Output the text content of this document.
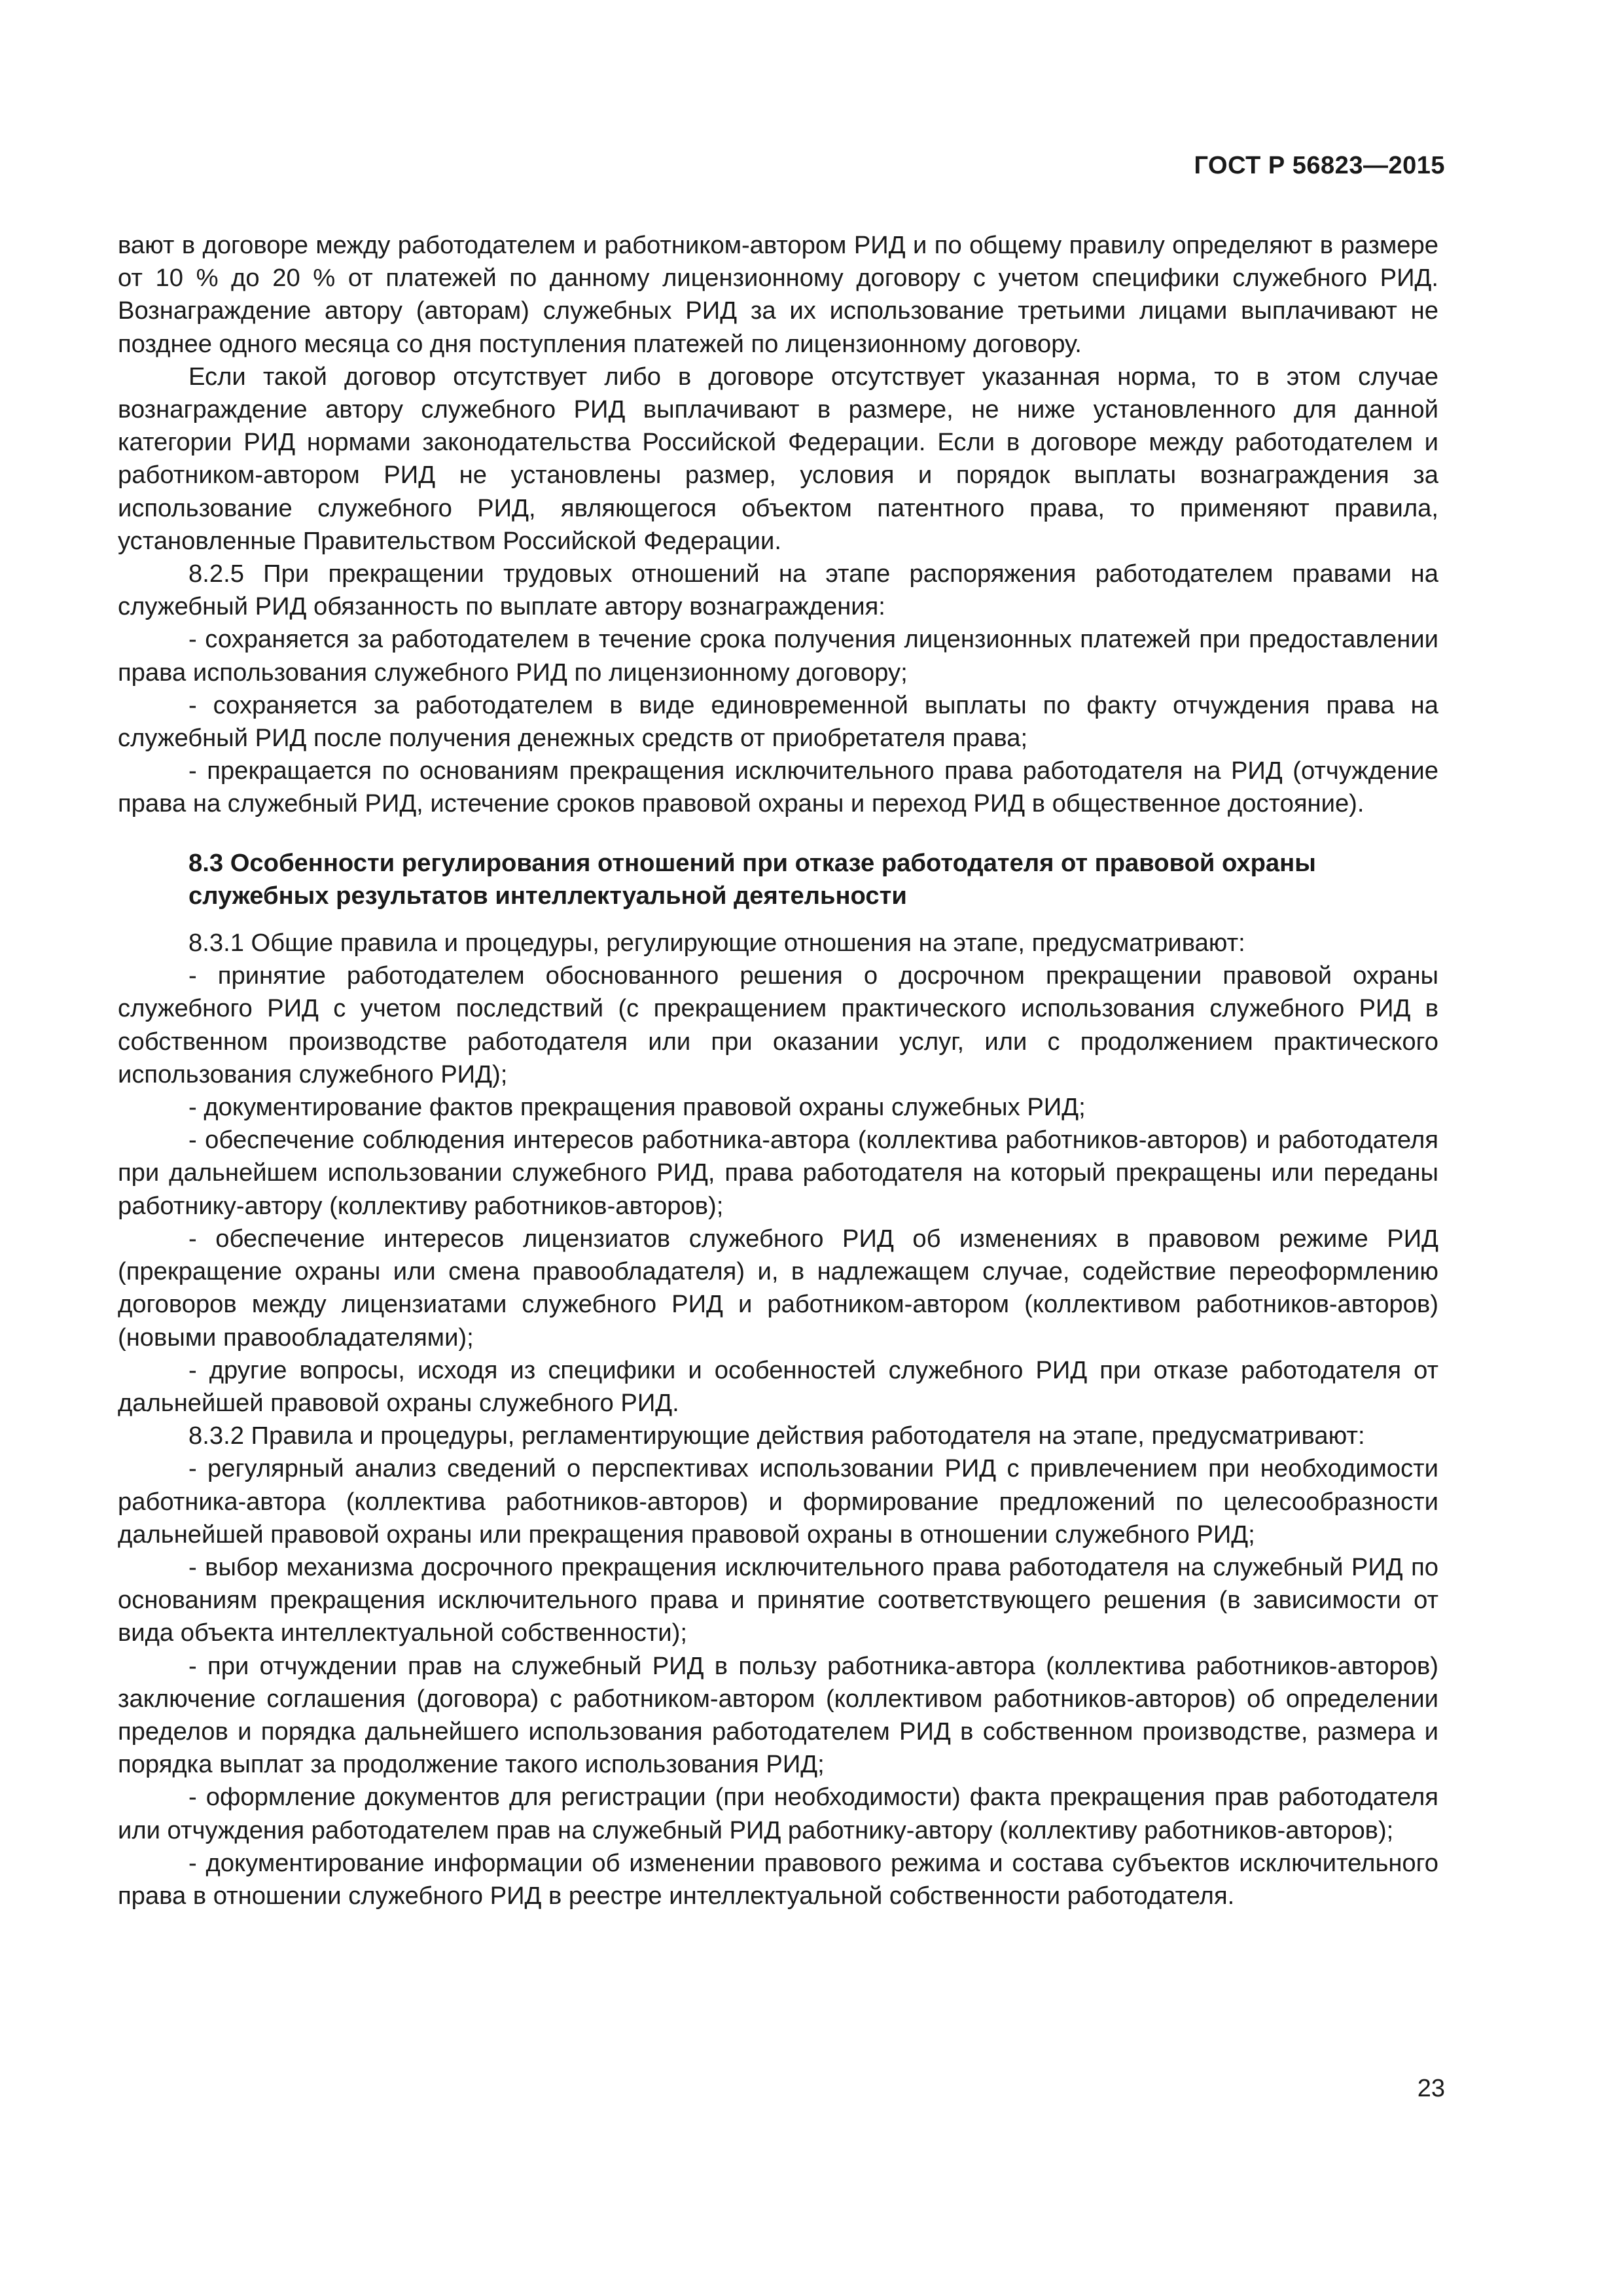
ГОСТ Р 56823—2015

вают в договоре между работодателем и работником-автором РИД и по общему правилу определяют в размере от 10 % до 20 % от платежей по данному лицензионному договору с учетом специфики служебного РИД. Вознаграждение автору (авторам) служебных РИД за их использование третьими лицами выплачивают не позднее одного месяца со дня поступления платежей по лицензионному договору.

Если такой договор отсутствует либо в договоре отсутствует указанная норма, то в этом случае вознаграждение автору служебного РИД выплачивают в размере, не ниже установленного для данной категории РИД нормами законодательства Российской Федерации. Если в договоре между работодателем и работником-автором РИД не установлены размер, условия и порядок выплаты вознаграждения за использование служебного РИД, являющегося объектом патентного права, то применяют правила, установленные Правительством Российской Федерации.

8.2.5 При прекращении трудовых отношений на этапе распоряжения работодателем правами на служебный РИД обязанность по выплате автору вознаграждения:

- сохраняется за работодателем в течение срока получения лицензионных платежей при предоставлении права использования служебного РИД по лицензионному договору;

- сохраняется за работодателем в виде единовременной выплаты по факту отчуждения права на служебный РИД после получения денежных средств от приобретателя права;

- прекращается по основаниям прекращения исключительного права работодателя на РИД (отчуждение права на служебный РИД, истечение сроков правовой охраны и переход РИД в общественное достояние).

8.3 Особенности регулирования отношений при отказе работодателя от правовой охраны служебных результатов интеллектуальной деятельности

8.3.1 Общие правила и процедуры, регулирующие отношения на этапе, предусматривают:

- принятие работодателем обоснованного решения о досрочном прекращении правовой охраны служебного РИД с учетом последствий (с прекращением практического использования служебного РИД в собственном производстве работодателя или при оказании услуг, или с продолжением практического использования служебного РИД);

- документирование фактов прекращения правовой охраны служебных РИД;

- обеспечение соблюдения интересов работника-автора (коллектива работников-авторов) и работодателя при дальнейшем использовании служебного РИД, права работодателя на который прекращены или переданы работнику-автору (коллективу работников-авторов);

- обеспечение интересов лицензиатов служебного РИД об изменениях в правовом режиме РИД (прекращение охраны или смена правообладателя) и, в надлежащем случае, содействие переоформлению договоров между лицензиатами служебного РИД и работником-автором (коллективом работников-авторов) (новыми правообладателями);

- другие вопросы, исходя из специфики и особенностей служебного РИД при отказе работодателя от дальнейшей правовой охраны служебного РИД.

8.3.2 Правила и процедуры, регламентирующие действия работодателя на этапе, предусматривают:

- регулярный анализ сведений о перспективах использовании РИД с привлечением при необходимости работника-автора (коллектива работников-авторов) и формирование предложений по целесообразности дальнейшей правовой охраны или прекращения правовой охраны в отношении служебного РИД;

- выбор механизма досрочного прекращения исключительного права работодателя на служебный РИД по основаниям прекращения исключительного права и принятие соответствующего решения (в зависимости от вида объекта интеллектуальной собственности);

- при отчуждении прав на служебный РИД в пользу работника-автора (коллектива работников-авторов) заключение соглашения (договора) с работником-автором (коллективом работников-авторов) об определении пределов и порядка дальнейшего использования работодателем РИД в собственном производстве, размера и порядка выплат за продолжение такого использования РИД;

- оформление документов для регистрации (при необходимости) факта прекращения прав работодателя или отчуждения работодателем прав на служебный РИД работнику-автору (коллективу работников-авторов);

- документирование информации об изменении правового режима и состава субъектов исключительного права в отношении служебного РИД в реестре интеллектуальной собственности работодателя.

23
